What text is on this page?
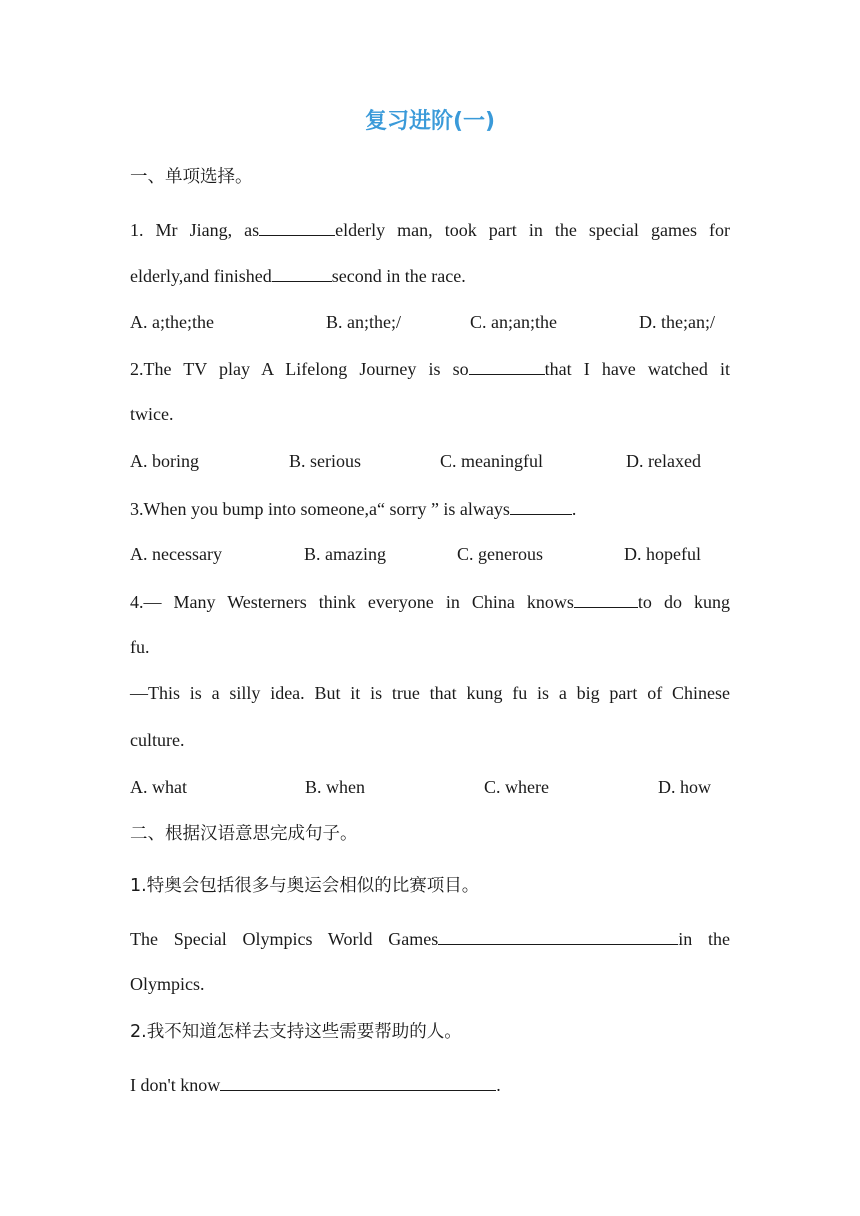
复习进阶(一)
一、单项选择。
1. Mr Jiang, as	elderly man, took part in the special games for
elderly,and finished	second in the race.
A. a;the;the	B. an;the;/	C. an;an;the	D. the;an;/
2.The TV play A Lifelong Journey is so	that I have watched it
twice.
A. boring	B. serious	C. meaningful	D. relaxed
3.When you bump into someone,a“ sorry ” is always	.
A. necessary	B. amazing	C. generous	D. hopeful
4.— Many Westerners think everyone in China knows	to do kung
fu.
—This is a silly idea. But it is true that kung fu is a big part of Chinese
culture.
A. what	B. when	C. where	D. how
二、根据汉语意思完成句子。
1.特奥会包括很多与奥运会相似的比赛项目。
The Special Olympics World Games	in the
Olympics.
2.我不知道怎样去支持这些需要帮助的人。
I don't know	.
